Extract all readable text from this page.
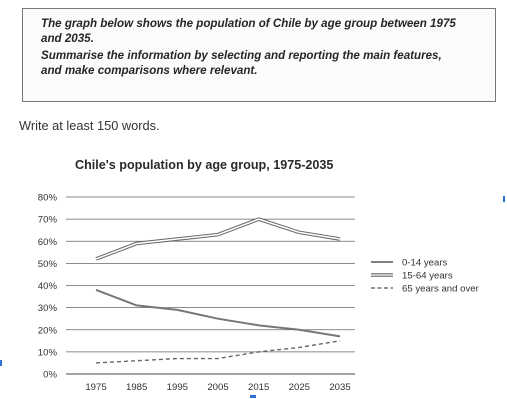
The graph below shows the population of Chile by age group between 1975 and 2035.

Summarise the information by selecting and reporting the main features, and make comparisons where relevant.

Write at least 150 words.
Chile's population by age group, 1975-2035
0%
10%
20%
30%
40%
50%
60%
70%
80%
1975 1985 1995 2005 2015 2025 2035
0-14 years
15-64 years
65 years and over
